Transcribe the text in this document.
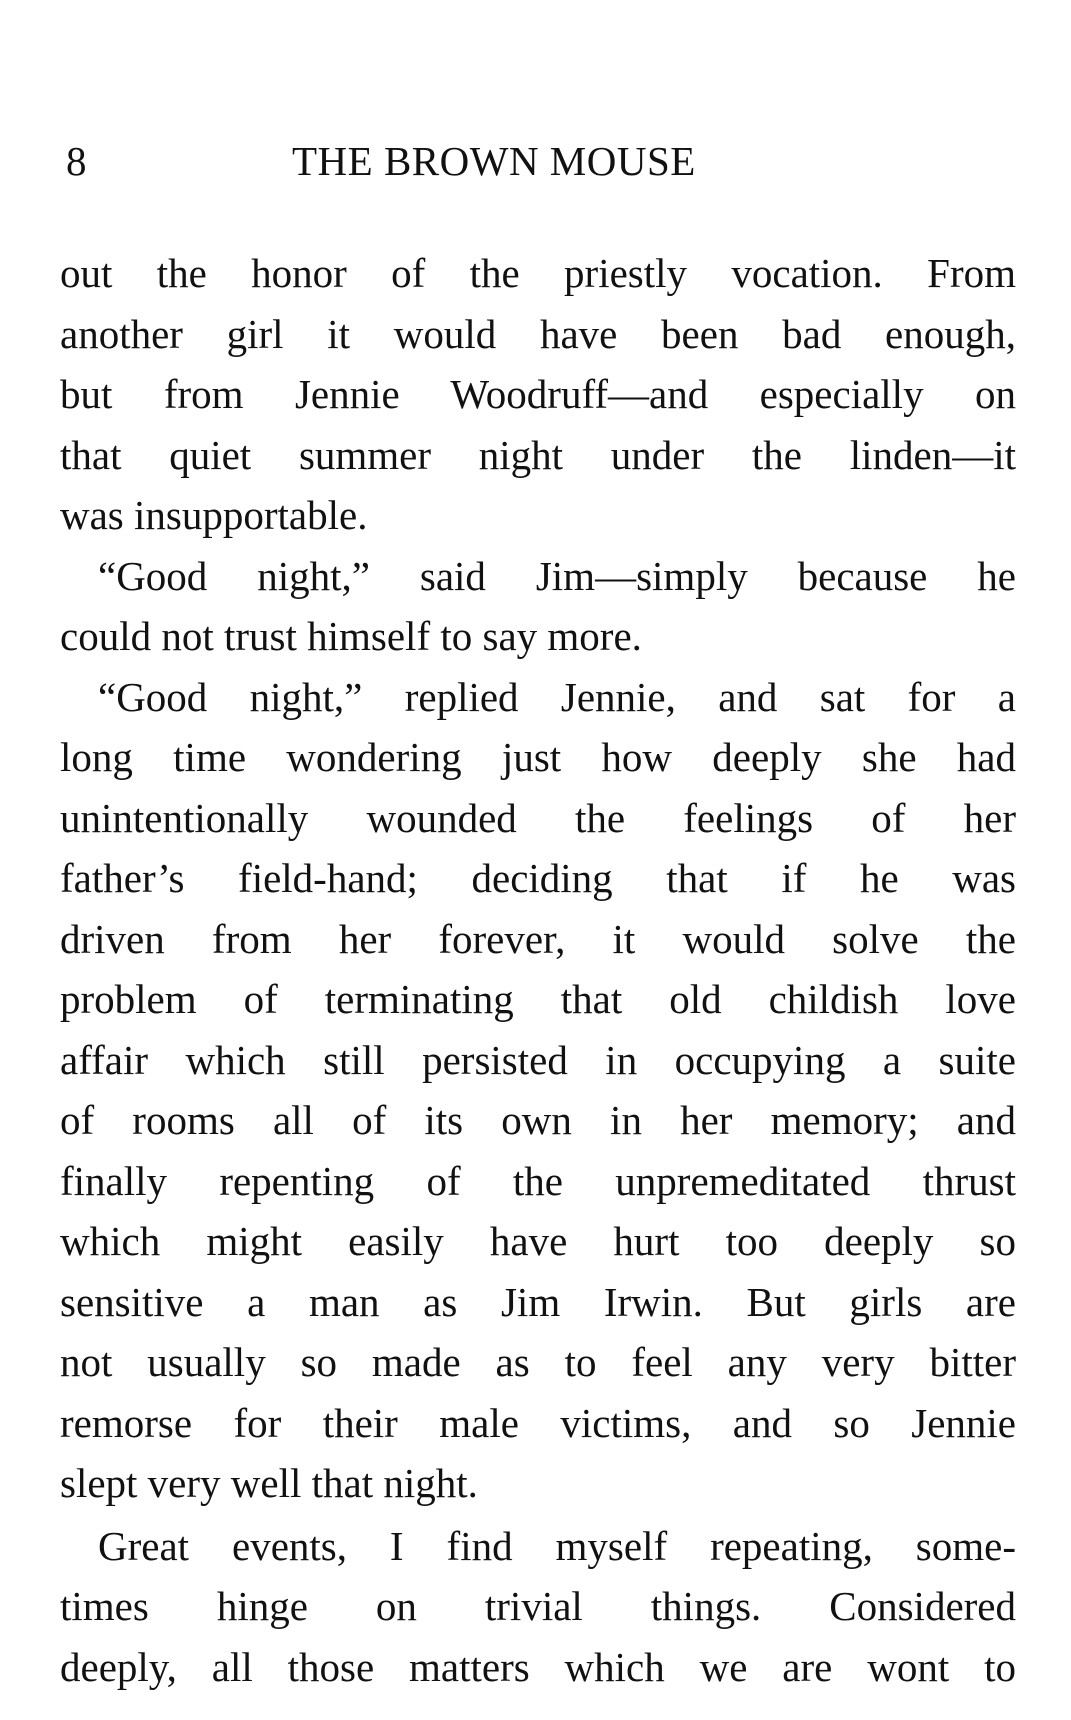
8	THE BROWN MOUSE
out the honor of the priestly vocation. From
another girl it would have been bad enough,
but from Jennie Woodruff—and especially on
that quiet summer night under the linden—it
was insupportable.
“Good night,” said Jim—simply because he
could not trust himself to say more.
“Good night,” replied Jennie, and sat for a
long time wondering just how deeply she had
unintentionally wounded the feelings of her
father’s field-hand; deciding that if he was
driven from her forever, it would solve the
problem of terminating that old childish love
affair which still persisted in occupying a suite
of rooms all of its own in her memory; and
finally repenting of the unpremeditated thrust
which might easily have hurt too deeply so
sensitive a man as Jim Irwin. But girls are
not usually so made as to feel any very bitter
remorse for their male victims, and so Jennie
slept very well that night.
Great events, I find myself repeating, some-
times hinge on trivial things. Considered
deeply, all those matters which we are wont to
